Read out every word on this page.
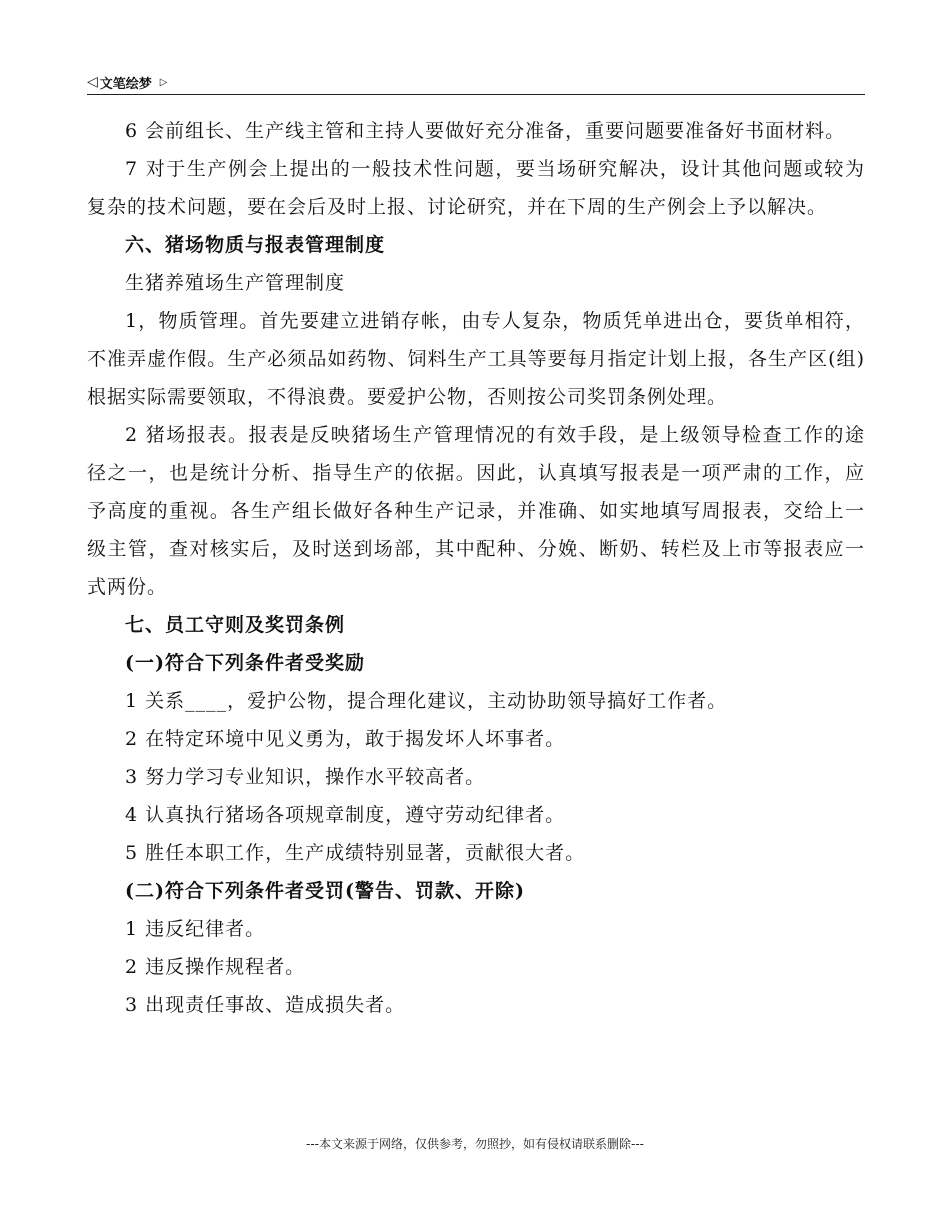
◁ 文笔绘梦 ▷

6 会前组长、生产线主管和主持人要做好充分准备，重要问题要准备好书面材料。

7 对于生产例会上提出的一般技术性问题，要当场研究解决，设计其他问题或较为复杂的技术问题，要在会后及时上报、讨论研究，并在下周的生产例会上予以解决。

六、猪场物质与报表管理制度

生猪养殖场生产管理制度

1，物质管理。首先要建立进销存帐，由专人复杂，物质凭单进出仓，要货单相符，不准弄虚作假。生产必须品如药物、饲料生产工具等要每月指定计划上报，各生产区(组)根据实际需要领取，不得浪费。要爱护公物，否则按公司奖罚条例处理。

2 猪场报表。报表是反映猪场生产管理情况的有效手段，是上级领导检查工作的途径之一，也是统计分析、指导生产的依据。因此，认真填写报表是一项严肃的工作，应予高度的重视。各生产组长做好各种生产记录，并准确、如实地填写周报表，交给上一级主管，查对核实后，及时送到场部，其中配种、分娩、断奶、转栏及上市等报表应一式两份。

七、员工守则及奖罚条例

(一)符合下列条件者受奖励

1 关系____，爱护公物，提合理化建议，主动协助领导搞好工作者。

2 在特定环境中见义勇为，敢于揭发坏人坏事者。

3 努力学习专业知识，操作水平较高者。

4 认真执行猪场各项规章制度，遵守劳动纪律者。

5 胜任本职工作，生产成绩特别显著，贡献很大者。

(二)符合下列条件者受罚(警告、罚款、开除)

1 违反纪律者。

2 违反操作规程者。

3 出现责任事故、造成损失者。

---本文来源于网络，仅供参考，勿照抄，如有侵权请联系删除---
